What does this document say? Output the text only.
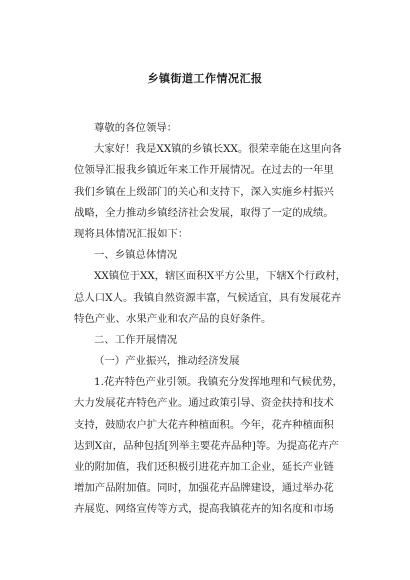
乡镇街道工作情况汇报
尊敬的各位领导：
大家好！我是XX镇的乡镇长XX。很荣幸能在这里向各
位领导汇报我乡镇近年来工作开展情况。在过去的一年里
我们乡镇在上级部门的关心和支持下，深入实施乡村振兴
战略，全力推动乡镇经济社会发展，取得了一定的成绩。
现将具体情况汇报如下：
一、乡镇总体情况
XX镇位于XX，辖区面积X平方公里，下辖X个行政村，
总人口X人。我镇自然资源丰富，气候适宜，具有发展花卉
特色产业、水果产业和农产品的良好条件。
二、工作开展情况
（一）产业振兴，推动经济发展
1.花卉特色产业引领。我镇充分发挥地理和气候优势，
大力发展花卉特色产业。通过政策引导、资金扶持和技术
支持，鼓励农户扩大花卉种植面积。今年，花卉种植面积
达到X亩，品种包括[列举主要花卉品种]等。为提高花卉产
业的附加值，我们还积极引进花卉加工企业，延长产业链
增加产品附加值。同时，加强花卉品牌建设，通过举办花
卉展览、网络宣传等方式，提高我镇花卉的知名度和市场
